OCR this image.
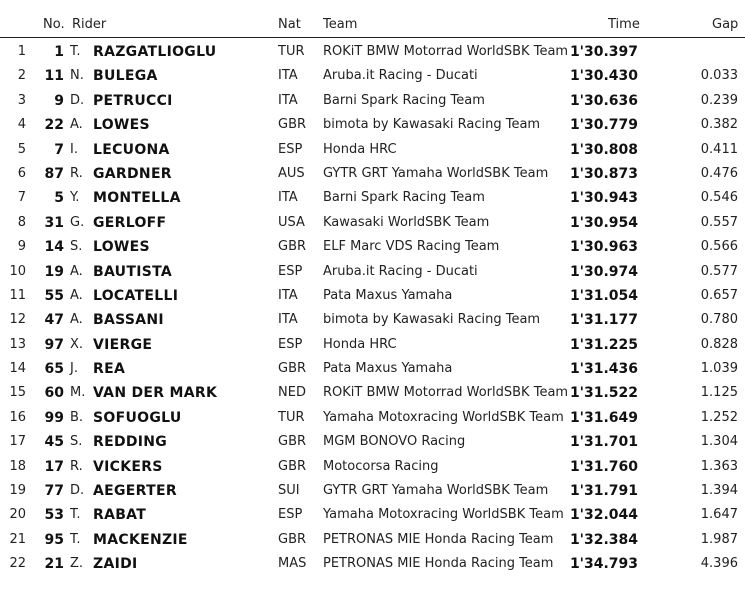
No. Rider	Nat Team	Time	Gap
1	1 T. RAZGATLIOGLU	TUR ROKiT BMW Motorrad WorldSBK Team 1'30.397
2	11 N. BULEGA	ITA Aruba.it Racing - Ducati	1'30.430	0.033
3	9 D. PETRUCCI	ITA Barni Spark Racing Team	1'30.636	0.239
4	22 A. LOWES	GBR bimota by Kawasaki Racing Team	1'30.779	0.382
5	7 I. LECUONA	ESP Honda HRC	1'30.808	0.411
6	87 R. GARDNER	AUS GYTR GRT Yamaha WorldSBK Team	1'30.873	0.476
7	5 Y. MONTELLA	ITA Barni Spark Racing Team	1'30.943	0.546
8	31 G. GERLOFF	USA Kawasaki WorldSBK Team	1'30.954	0.557
9	14 S. LOWES	GBR ELF Marc VDS Racing Team	1'30.963	0.566
10	19 A. BAUTISTA	ESP Aruba.it Racing - Ducati	1'30.974	0.577
11	55 A. LOCATELLI	ITA Pata Maxus Yamaha	1'31.054	0.657
12	47 A. BASSANI	ITA bimota by Kawasaki Racing Team	1'31.177	0.780
13	97 X. VIERGE	ESP Honda HRC	1'31.225	0.828
14	65 J. REA	GBR Pata Maxus Yamaha	1'31.436	1.039
15	60 M. VAN DER MARK	NED ROKiT BMW Motorrad WorldSBK Team 1'31.522	1.125
16	99 B. SOFUOGLU	TUR Yamaha Motoxracing WorldSBK Team 1'31.649	1.252
17	45 S. REDDING	GBR MGM BONOVO Racing	1'31.701	1.304
18	17 R. VICKERS	GBR Motocorsa Racing	1'31.760	1.363
19	77 D. AEGERTER	SUI GYTR GRT Yamaha WorldSBK Team	1'31.791	1.394
20	53 T. RABAT	ESP Yamaha Motoxracing WorldSBK Team 1'32.044	1.647
21	95 T. MACKENZIE	GBR PETRONAS MIE Honda Racing Team	1'32.384	1.987
22	21 Z. ZAIDI	MAS PETRONAS MIE Honda Racing Team	1'34.793	4.396
